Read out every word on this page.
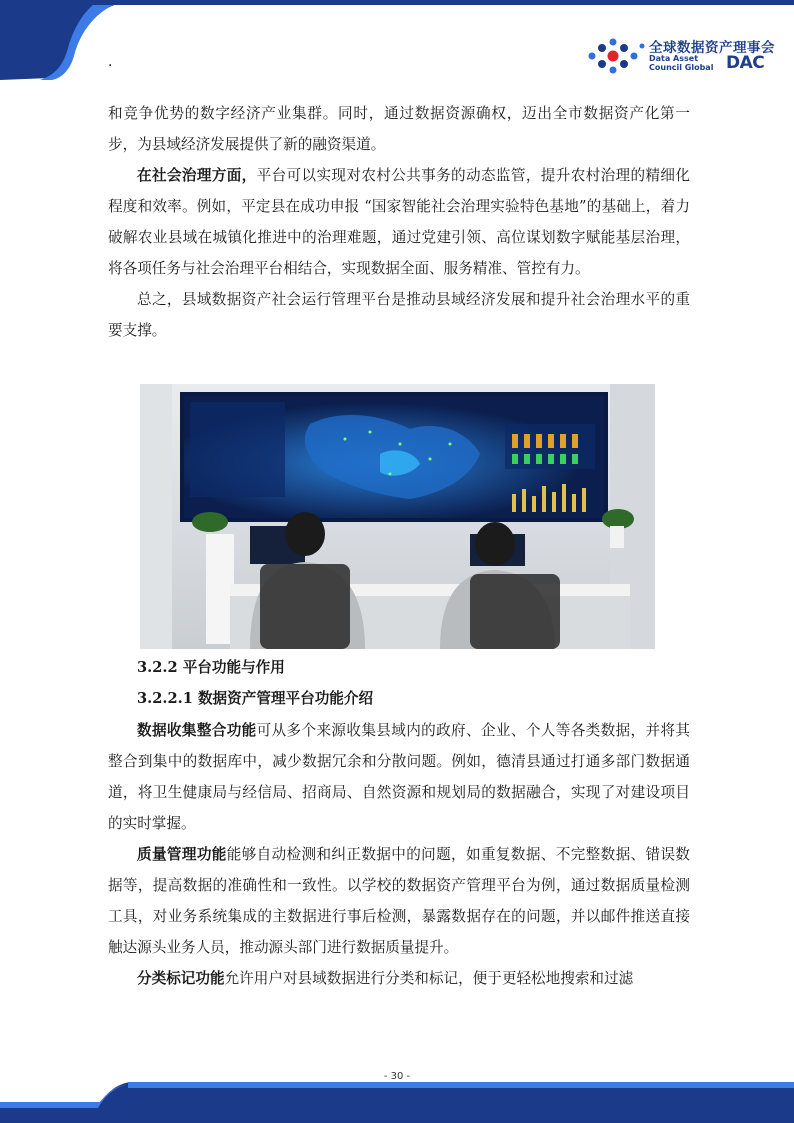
·
全球数据资产理事会
Data Asset
Council Global DAC

和竞争优势的数字经济产业集群。同时，通过数据资源确权，迈出全市数据资产化第一步，为县域经济发展提供了新的融资渠道。

在社会治理方面，平台可以实现对农村公共事务的动态监管，提升农村治理的精细化程度和效率。例如，平定县在成功申报 “国家智能社会治理实验特色基地”的基础上，着力破解农业县域在城镇化推进中的治理难题，通过党建引领、高位谋划数字赋能基层治理，将各项任务与社会治理平台相结合，实现数据全面、服务精准、管控有力。

总之，县域数据资产社会运行管理平台是推动县域经济发展和提升社会治理水平的重要支撑。

3.2.2 平台功能与作用
3.2.2.1 数据资产管理平台功能介绍

数据收集整合功能可从多个来源收集县域内的政府、企业、个人等各类数据，并将其整合到集中的数据库中，减少数据冗余和分散问题。例如，德清县通过打通多部门数据通道，将卫生健康局与经信局、招商局、自然资源和规划局的数据融合，实现了对建设项目的实时掌握。

质量管理功能能够自动检测和纠正数据中的问题，如重复数据、不完整数据、错误数据等，提高数据的准确性和一致性。以学校的数据资产管理平台为例，通过数据质量检测工具，对业务系统集成的主数据进行事后检测，暴露数据存在的问题，并以邮件推送直接触达源头业务人员，推动源头部门进行数据质量提升。

分类标记功能允许用户对县域数据进行分类和标记，便于更轻松地搜索和过滤

- 30 -
